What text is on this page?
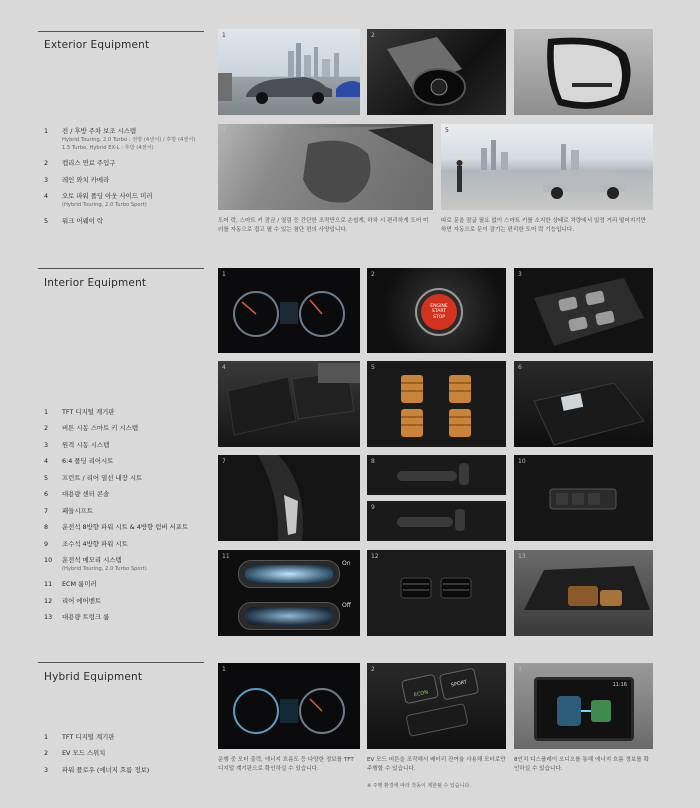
Exterior Equipment
1	전 / 후방 주차 보조 시스템
Hybrid Touring, 2.0 Turbo : 전방 (4센서) / 후방 (4센서)
1.5 Turbo, Hybrid EX-L : 후방 (4센서)
2	캡리스 연료 주입구
3	레인 와치 카메라
4	오토 파워 폴딩 아웃 사이드 미러
(Hybrid Touring, 2.0 Turbo Sport)
5	워크 어웨이 락
1	2	3
4	5
도어 락, 스마트 키 잠금 / 열림 등 간단한 조작만으로 손쉽게, 하차 시 편리하게 도어 미러를 자동으로 접고 펼 수 있는 첨단 편의 사양입니다.
따로 문을 잠글 필요 없이 스마트 키를 소지한 상태로 차량에서 일정 거리 떨어지기만 하면 자동으로 문이 잠기는 편리한 도어 락 기능입니다.
Interior Equipment
1	TFT 디지털 계기판
2	버튼 시동 스마트 키 시스템
3	원격 시동 시스템
4	6:4 폴딩 리어시트
5	프런트 / 리어 열선 내장 시트
6	대용량 센터 콘솔
7	패들시프트
8	운전석 8방향 파워 시트 & 4방향 럼버 서포트
9	조수석 4방향 파워 시트
10	운전석 메모리 시스템
(Hybrid Touring, 2.0 Turbo Sport)
11	ECM 룸미러
12	리어 에어벤트
13	대용량 트렁크 룸
1	2
ENGINE
START
STOP
3
4	5	6
7	8
9
10
11
On
Off
12	13
Hybrid Equipment
1	TFT 디지털 계기판
2	EV 모드 스위치
3	파워 플로우 (에너지 흐름 정보)
1	2
ECON
SPORT
3
11:16
운행 중 모터 출력, 에너지 흐름도 등 다양한 정보를 TFT 디지털 계기판으로 확인하실 수 있습니다.
EV 모드 버튼을 조작해서 배터리 잔여율 사용해 모터로만 주행할 수 있습니다.
※ 주행 환경에 따라 작동이 제한될 수 있습니다.
8인치 디스플레이 오디오를 통해 에너지 흐름 정보를 확인하실 수 있습니다.
